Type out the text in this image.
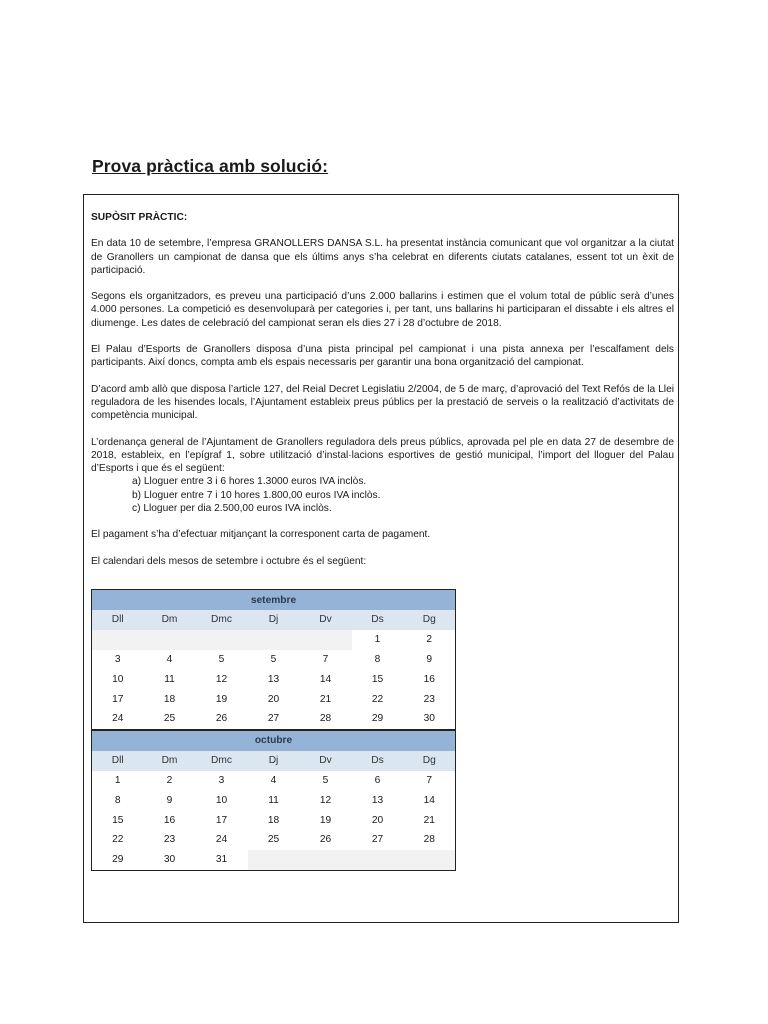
Prova pràctica amb solució:
SUPÒSIT PRÀCTIC:

En data 10 de setembre, l’empresa GRANOLLERS DANSA S.L. ha presentat instància comunicant que vol organitzar a la ciutat de Granollers un campionat de dansa que els últims anys s’ha celebrat en diferents ciutats catalanes, essent tot un èxit de participació.

Segons els organitzadors, es preveu una participació d’uns 2.000 ballarins i estimen que el volum total de públic serà d’unes 4.000 persones. La competició es desenvoluparà per categories i, per tant, uns ballarins hi participaran el dissabte i els altres el diumenge. Les dates de celebració del campionat seran els dies 27 i 28 d’octubre de 2018.

El Palau d’Esports de Granollers disposa d’una pista principal pel campionat i una pista annexa per l’escalfament dels participants. Així doncs, compta amb els espais necessaris per garantir una bona organització del campionat.

D’acord amb allò que disposa l’article 127, del Reial Decret Legislatiu 2/2004, de 5 de març, d’aprovació del Text Refós de la Llei reguladora de les hisendes locals, l’Ajuntament estableix preus públics per la prestació de serveis o la realització d’activitats de competència municipal.

L’ordenança general de l’Ajuntament de Granollers reguladora dels preus públics, aprovada pel ple en data 27 de desembre de 2018, estableix, en l’epígraf 1, sobre utilització d’instal·lacions esportives de gestió municipal, l’import del lloguer del Palau d’Esports i que és el següent:

a) Lloguer entre 3 i 6 hores 1.3000 euros IVA inclòs.
b) Lloguer entre 7 i 10 hores 1.800,00 euros IVA inclòs.
c) Lloguer per dia 2.500,00 euros IVA inclòs.

El pagament s’ha d’efectuar mitjançant la corresponent carta de pagament.

El calendari dels mesos de setembre i octubre és el següent:

setembre						
Dll	Dm	Dmc	Dj	Dv	Ds	Dg
					1	2
3	4	5	5	7	8	9
10	11	12	13	14	15	16
17	18	19	20	21	22	23
24	25	26	27	28	29	30
octubre						
Dll	Dm	Dmc	Dj	Dv	Ds	Dg
1	2	3	4	5	6	7
8	9	10	11	12	13	14
15	16	17	18	19	20	21
22	23	24	25	26	27	28
29	30	31				
